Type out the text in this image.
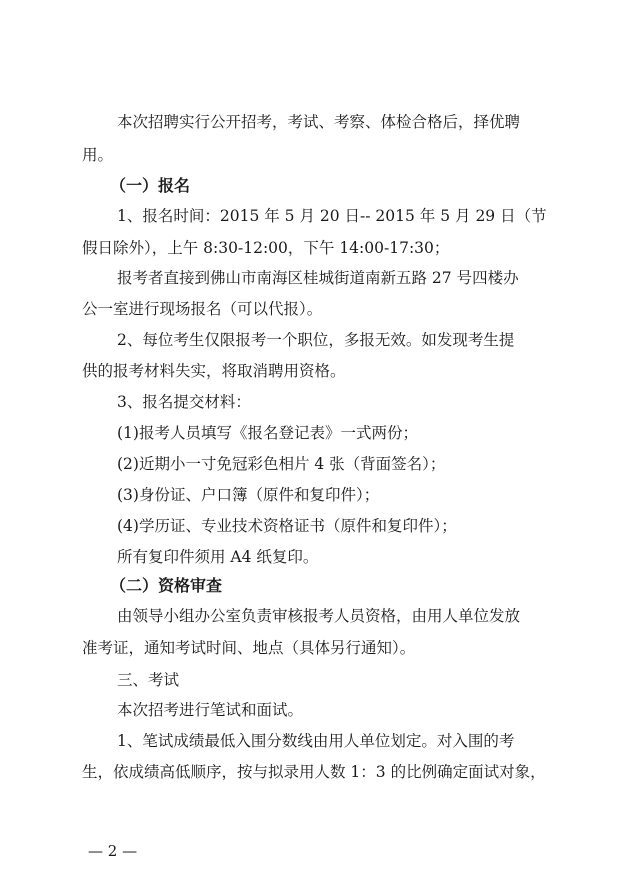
本次招聘实行公开招考，考试、考察、体检合格后，择优聘
用。
（一）报名
1、报名时间：2015 年 5 月 20 日-- 2015 年 5 月 29 日（节
假日除外），上午 8:30-12:00，下午 14:00-17:30；
报考者直接到佛山市南海区桂城街道南新五路 27 号四楼办
公一室进行现场报名（可以代报）。
2、每位考生仅限报考一个职位，多报无效。如发现考生提
供的报考材料失实，将取消聘用资格。
3、报名提交材料：
(1)报考人员填写《报名登记表》一式两份；
(2)近期小一寸免冠彩色相片 4 张（背面签名）；
(3)身份证、户口簿（原件和复印件）；
(4)学历证、专业技术资格证书（原件和复印件）；
所有复印件须用 A4 纸复印。
（二）资格审查
由领导小组办公室负责审核报考人员资格，由用人单位发放
准考证，通知考试时间、地点（具体另行通知）。
三、考试
本次招考进行笔试和面试。
1、笔试成绩最低入围分数线由用人单位划定。对入围的考
生，依成绩高低顺序，按与拟录用人数 1：3 的比例确定面试对象，
— 2 —
